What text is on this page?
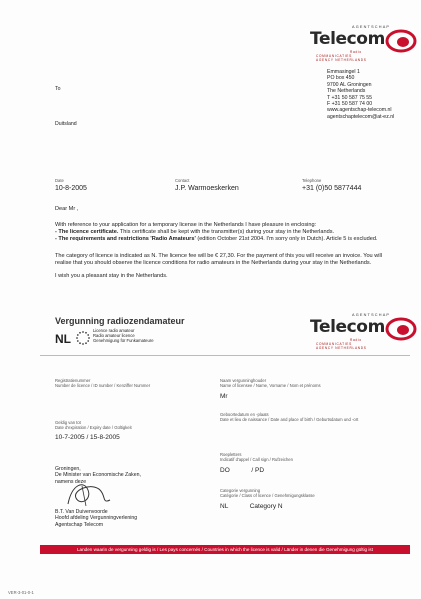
AGENTSCHAP
Telecom
Radio
COMMUNICATIES
AGENCY NETHERLANDS
Emmasingel 1
PO box 450
9700 AL Groningen
The Netherlands
T +31 50 587 75 55
F +31 50 587 74 00
www.agentschap-telecom.nl
agentschaptelecom@at-ez.nl
To
Duitsland
Date
10-8-2005
Contact
J.P. Warmoeskerken
Telephone
+31 (0)50 5877444
Dear Mr ,
With reference to your application for a temporary license in the Netherlands I have pleasure in enclosing:
- The licence certificate. This certificate shall be kept with the transmitter(s) during your stay in the Netherlands.
- The requirements and restrictions 'Radio Amateurs' (edition October 21st 2004. I'm sorry only in Dutch). Article 5 is excluded.
The category of licence is indicated as N. The licence fee will be € 27,30. For the payment of this you will receive an invoice. You will realise that you should observe the licence conditions for radio amateurs in the Netherlands during your stay in the Netherlands.
I wish you a pleasant stay in the Netherlands.
Vergunning radiozendamateur
NL
Licence radio amateur
Radio amateur licence
Genehmigung für Funkamateure
AGENTSCHAP
Telecom
Radio
COMMUNICATIES
AGENCY NETHERLANDS
Registratienummer
Number de licence / ID number / Kenziffer Nummer
Geldig van tot
Date d'expiration / Expiry date / Gültigkeit
10-7-2005 / 15-8-2005
Groningen,
De Minister van Economische Zaken,
namens deze
B.T. Van Duivenvoorde
Hoofd afdeling Vergunningverlening
Agentschap Telecom
Naam vergunninghouder
Name of licensee / Name, Vorname / Nom et prénoms
Mr
Geboortedatum en -plaats
Date et lieu de naissance / Date and place of birth / Geburtsdatum und -ort
Roepletters
Indicatif d'appel / Call sign / Rufzeichen
DO	/ PD
Categorie vergunning
Catégorie / Class of licence / Genehmigungsklasse
NL	Category N
Landen waarin de vergunning geldig is / Les pays concernés / Countries in which the licence is valid / Länder in denen die Genehmigung gültig ist
VER-3-01-0-1
